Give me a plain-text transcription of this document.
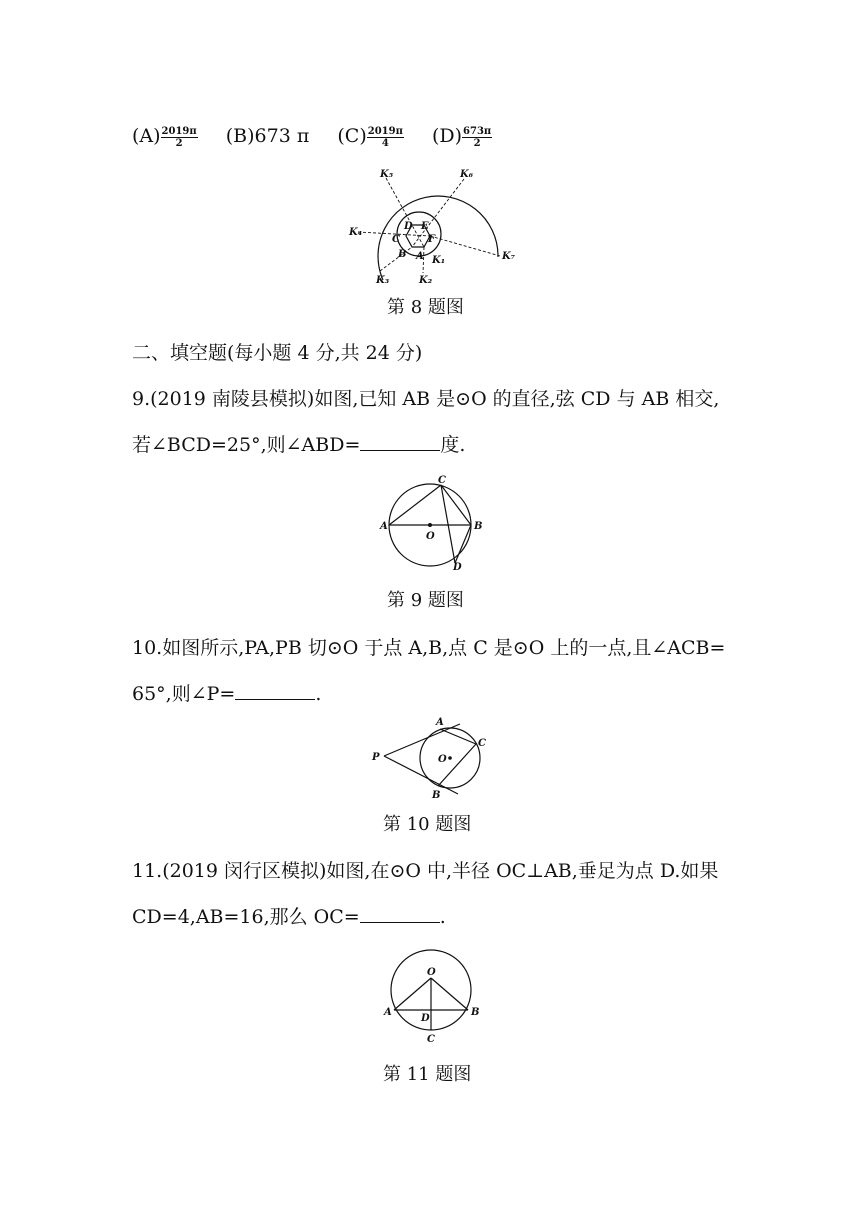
$(A) \frac{2019\pi}{2} (B)673$ π $(C) \frac{2019\pi}{4} (D) \frac{673\pi}{2}$
K₅	K₆
K₄
K₇
K₃	K₂
K₁
D E
F
C
B A
第 8 题图
二、填空题(每小题 4 分,共 24 分)
9.(2019 南陵县模拟)如图,已知 AB 是⊙O 的直径,弦 CD 与 AB 相交,
若∠BCD=25°,则∠ABD=	度.
A	B
C
D
O
第 9 题图
10.如图所示,PA,PB 切⊙O 于点 A,B,点 C 是⊙O 上的一点,且∠ACB=
65°,则∠P=	.
P
A
B
C
O
第 10 题图
11.(2019 闵行区模拟)如图,在⊙O 中,半径 OC⊥AB,垂足为点 D.如果
CD=4,AB=16,那么 OC=	.
O
A	B
D
C
第 11 题图
